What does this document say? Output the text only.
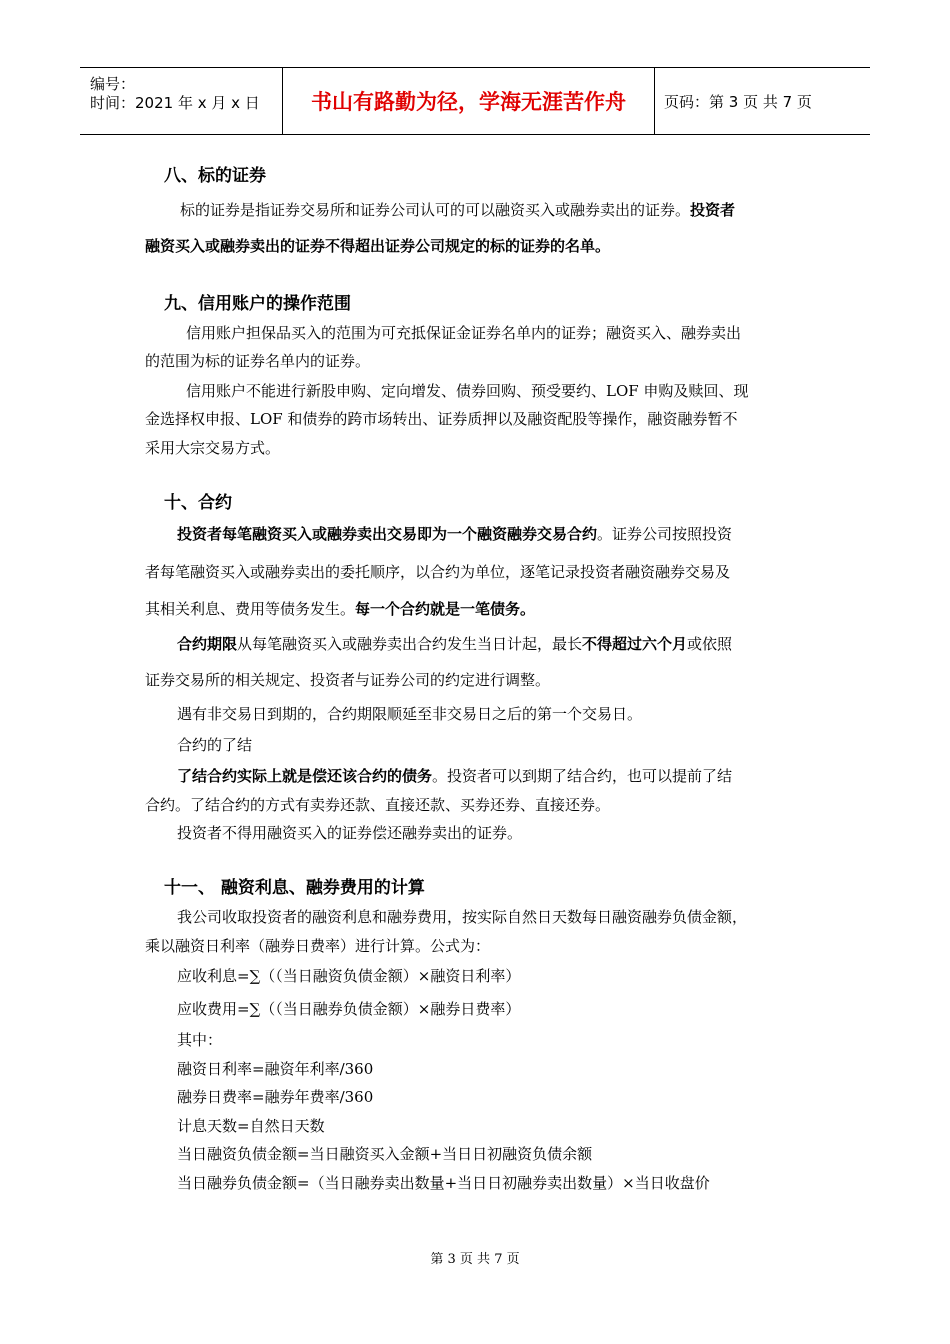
编号：
时间：2021 年 x 月 x 日	书山有路勤为径，学海无涯苦作舟	页码：第 3 页 共 7 页
八、标的证券
标的证券是指证券交易所和证券公司认可的可以融资买入或融券卖出的证券。投资者
融资买入或融券卖出的证券不得超出证券公司规定的标的证券的名单。
九、信用账户的操作范围
信用账户担保品买入的范围为可充抵保证金证券名单内的证券；融资买入、融券卖出
的范围为标的证券名单内的证券。
信用账户不能进行新股申购、定向增发、债券回购、预受要约、LOF 申购及赎回、现
金选择权申报、LOF 和债券的跨市场转出、证券质押以及融资配股等操作，融资融券暂不
采用大宗交易方式。
十、合约
投资者每笔融资买入或融券卖出交易即为一个融资融券交易合约。证券公司按照投资
者每笔融资买入或融券卖出的委托顺序，以合约为单位，逐笔记录投资者融资融券交易及
其相关利息、费用等债务发生。每一个合约就是一笔债务。
合约期限从每笔融资买入或融券卖出合约发生当日计起，最长不得超过六个月或依照
证券交易所的相关规定、投资者与证券公司的约定进行调整。
遇有非交易日到期的，合约期限顺延至非交易日之后的第一个交易日。
合约的了结
了结合约实际上就是偿还该合约的债务。投资者可以到期了结合约，也可以提前了结
合约。了结合约的方式有卖券还款、直接还款、买券还券、直接还券。
投资者不得用融资买入的证券偿还融券卖出的证券。
十一、 融资利息、融券费用的计算
我公司收取投资者的融资利息和融券费用，按实际自然日天数每日融资融券负债金额，
乘以融资日利率（融券日费率）进行计算。公式为：
应收利息=∑（（当日融资负债金额）×融资日利率）
应收费用=∑（（当日融券负债金额）×融券日费率）
其中：
融资日利率=融资年利率/360
融券日费率=融券年费率/360
计息天数=自然日天数
当日融资负债金额=当日融资买入金额+当日日初融资负债余额
当日融券负债金额=（当日融券卖出数量+当日日初融券卖出数量）×当日收盘价
第 3 页 共 7 页
